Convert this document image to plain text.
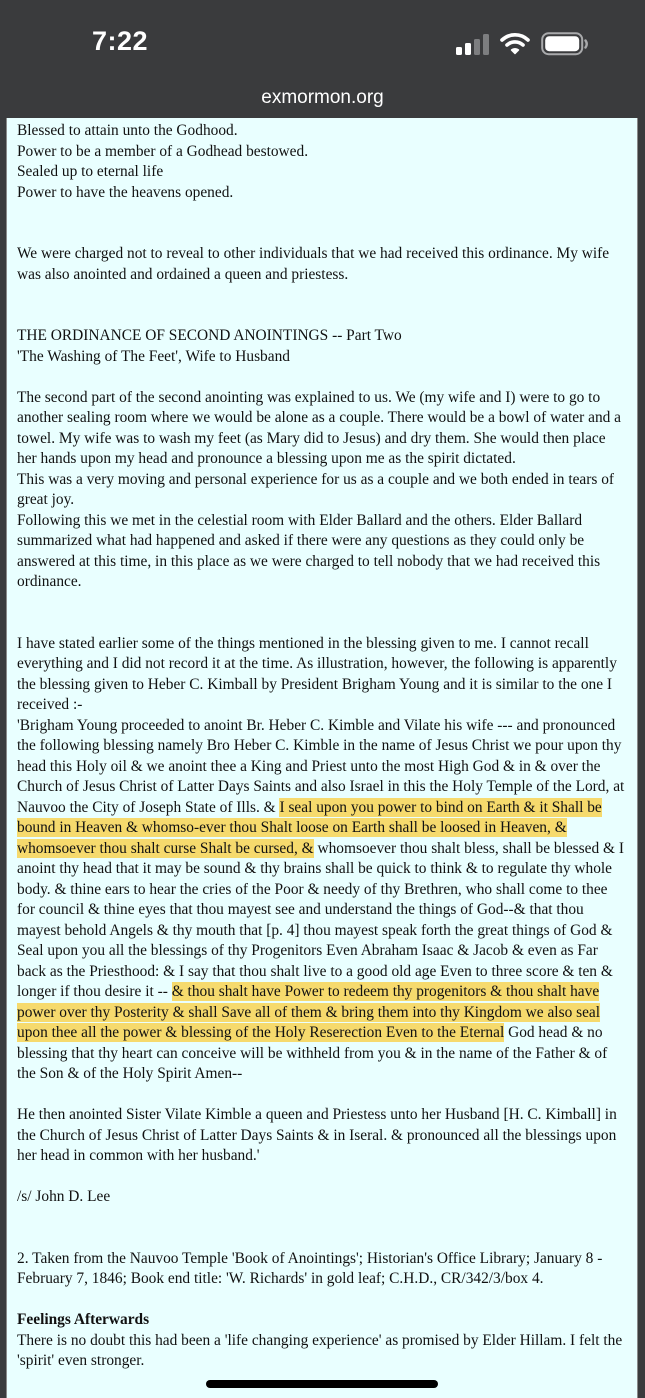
7:22
exmormon.org

Blessed to attain unto the Godhood.

Power to be a member of a Godhead bestowed.

Sealed up to eternal life

Power to have the heavens opened.

We were charged not to reveal to other individuals that we had received this ordinance. My wife was also anointed and ordained a queen and priestess.

THE ORDINANCE OF SECOND ANOINTINGS -- Part Two

'The Washing of The Feet', Wife to Husband

The second part of the second anointing was explained to us. We (my wife and I) were to go to another sealing room where we would be alone as a couple. There would be a bowl of water and a towel. My wife was to wash my feet (as Mary did to Jesus) and dry them. She would then place her hands upon my head and pronounce a blessing upon me as the spirit dictated.

This was a very moving and personal experience for us as a couple and we both ended in tears of great joy.

Following this we met in the celestial room with Elder Ballard and the others. Elder Ballard summarized what had happened and asked if there were any questions as they could only be answered at this time, in this place as we were charged to tell nobody that we had received this ordinance.

I have stated earlier some of the things mentioned in the blessing given to me. I cannot recall everything and I did not record it at the time. As illustration, however, the following is apparently the blessing given to Heber C. Kimball by President Brigham Young and it is similar to the one I received :-

'Brigham Young proceeded to anoint Br. Heber C. Kimble and Vilate his wife --- and pronounced the following blessing namely Bro Heber C. Kimble in the name of Jesus Christ we pour upon thy head this Holy oil & we anoint thee a King and Priest unto the most High God & in & over the Church of Jesus Christ of Latter Days Saints and also Israel in this the Holy Temple of the Lord, at Nauvoo the City of Joseph State of Ills. & I seal upon you power to bind on Earth & it Shall be bound in Heaven & whomso-ever thou Shalt loose on Earth shall be loosed in Heaven, & whomsoever thou shalt curse Shalt be cursed, & whomsoever thou shalt bless, shall be blessed & I anoint thy head that it may be sound & thy brains shall be quick to think & to regulate thy whole body. & thine ears to hear the cries of the Poor & needy of thy Brethren, who shall come to thee for council & thine eyes that thou mayest see and understand the things of God--& that thou mayest behold Angels & thy mouth that [p. 4] thou mayest speak forth the great things of God & Seal upon you all the blessings of thy Progenitors Even Abraham Isaac & Jacob & even as Far back as the Priesthood: & I say that thou shalt live to a good old age Even to three score & ten & longer if thou desire it -- & thou shalt have Power to redeem thy progenitors & thou shalt have power over thy Posterity & shall Save all of them & bring them into thy Kingdom we also seal upon thee all the power & blessing of the Holy Reserection Even to the Eternal God head & no blessing that thy heart can conceive will be withheld from you & in the name of the Father & of the Son & of the Holy Spirit Amen--

He then anointed Sister Vilate Kimble a queen and Priestess unto her Husband [H. C. Kimball] in the Church of Jesus Christ of Latter Days Saints & in Iseral. & pronounced all the blessings upon her head in common with her husband.'

/s/ John D. Lee

2. Taken from the Nauvoo Temple 'Book of Anointings'; Historian's Office Library; January 8 - February 7, 1846; Book end title: 'W. Richards' in gold leaf; C.H.D., CR/342/3/box 4.

Feelings Afterwards

There is no doubt this had been a 'life changing experience' as promised by Elder Hillam. I felt the 'spirit' even stronger.
